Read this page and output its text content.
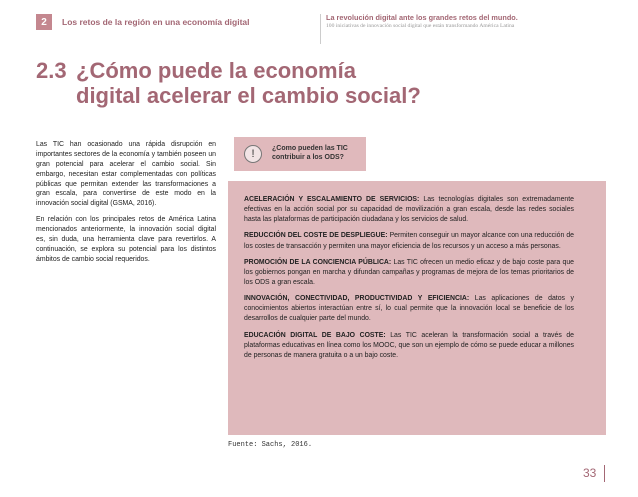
2	Los retos de la región en una economía digital	La revolución digital ante los grandes retos del mundo.
100 iniciativas de innovación social digital que están transformando América Latina
2.3 ¿Cómo puede la economía
digital acelerar el cambio social?

Las TIC han ocasionado una rápida disrupción en importantes sectores de la economía y también poseen un gran potencial para acelerar el cambio social. Sin embargo, necesitan estar complementadas con políticas públicas que permitan extender las transformaciones a gran escala, para convertirse de este modo en la innovación social digital (GSMA, 2016).

En relación con los principales retos de América Latina mencionados anteriormente, la innovación social digital es, sin duda, una herramienta clave para revertirlos. A continuación, se explora su potencial para los distintos ámbitos de cambio social requeridos.

!	¿Como pueden las TIC
contribuir a los ODS?

ACELERACIÓN Y ESCALAMIENTO DE SERVICIOS: Las tecnologías digitales son extremadamente efectivas en la acción social por su capacidad de movilización a gran escala, desde las redes sociales hasta las plataformas de participación ciudadana y los servicios de salud.

REDUCCIÓN DEL COSTE DE DESPLIEGUE: Permiten conseguir un mayor alcance con una reducción de los costes de transacción y permiten una mayor eficiencia de los recursos y un acceso a más personas.

PROMOCIÓN DE LA CONCIENCIA PÚBLICA: Las TIC ofrecen un medio eficaz y de bajo coste para que los gobiernos pongan en marcha y difundan campañas y programas de mejora de los temas prioritarios de los ODS a gran escala.

INNOVACIÓN, CONECTIVIDAD, PRODUCTIVIDAD Y EFICIENCIA: Las aplicaciones de datos y conocimientos abiertos interactúan entre sí, lo cual permite que la innovación local se beneficie de los desarrollos de cualquier parte del mundo.

EDUCACIÓN DIGITAL DE BAJO COSTE: Las TIC aceleran la transformación social a través de plataformas educativas en línea como los MOOC, que son un ejemplo de cómo se puede educar a millones de personas de manera gratuita o a un bajo coste.

Fuente: Sachs, 2016.
33
